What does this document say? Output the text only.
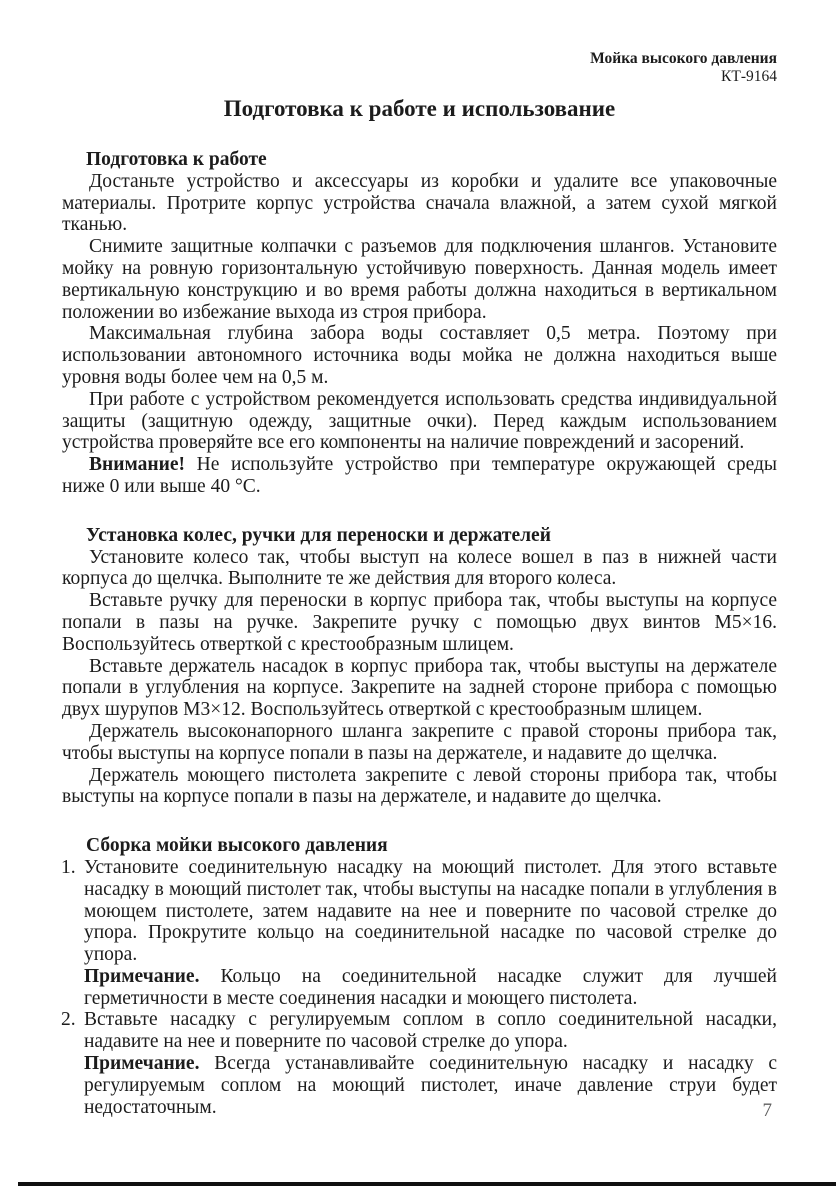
Мойка высокого давления
КТ-9164
Подготовка к работе и использование
Подготовка к работе

Достаньте устройство и аксессуары из коробки и удалите все упаковочные материалы. Протрите корпус устройства сначала влажной, а затем сухой мягкой тканью.

Снимите защитные колпачки с разъемов для подключения шлангов. Установите мойку на ровную горизонтальную устойчивую поверхность. Данная модель имеет вертикальную конструкцию и во время работы должна находиться в вертикальном положении во избежание выхода из строя прибора.

Максимальная глубина забора воды составляет 0,5 метра. Поэтому при использовании автономного источника воды мойка не должна находиться выше уровня воды более чем на 0,5 м.

При работе с устройством рекомендуется использовать средства индивидуальной защиты (защитную одежду, защитные очки). Перед каждым использованием устройства проверяйте все его компоненты на наличие повреждений и засорений.

Внимание! Не используйте устройство при температуре окружающей среды ниже 0 или выше 40 °С.

Установка колес, ручки для переноски и держателей

Установите колесо так, чтобы выступ на колесе вошел в паз в нижней части корпуса до щелчка. Выполните те же действия для второго колеса.

Вставьте ручку для переноски в корпус прибора так, чтобы выступы на корпусе попали в пазы на ручке. Закрепите ручку с помощью двух винтов М5×16. Воспользуйтесь отверткой с крестообразным шлицем.

Вставьте держатель насадок в корпус прибора так, чтобы выступы на держателе попали в углубления на корпусе. Закрепите на задней стороне прибора с помощью двух шурупов М3×12. Воспользуйтесь отверткой с крестообразным шлицем.

Держатель высоконапорного шланга закрепите с правой стороны прибора так, чтобы выступы на корпусе попали в пазы на держателе, и надавите до щелчка.

Держатель моющего пистолета закрепите с левой стороны прибора так, чтобы выступы на корпусе попали в пазы на держателе, и надавите до щелчка.

Сборка мойки высокого давления
1. Установите соединительную насадку на моющий пистолет. Для этого вставьте насадку в моющий пистолет так, чтобы выступы на насадке попали в углубления в моющем пистолете, затем надавите на нее и поверните по часовой стрелке до упора. Прокрутите кольцо на соединительной насадке по часовой стрелке до упора.

Примечание. Кольцо на соединительной насадке служит для лучшей герметичности в месте соединения насадки и моющего пистолета.

2. Вставьте насадку с регулируемым соплом в сопло соединительной насадки, надавите на нее и поверните по часовой стрелке до упора.

Примечание. Всегда устанавливайте соединительную насадку и насадку с регулируемым соплом на моющий пистолет, иначе давление струи будет недостаточным.	7
